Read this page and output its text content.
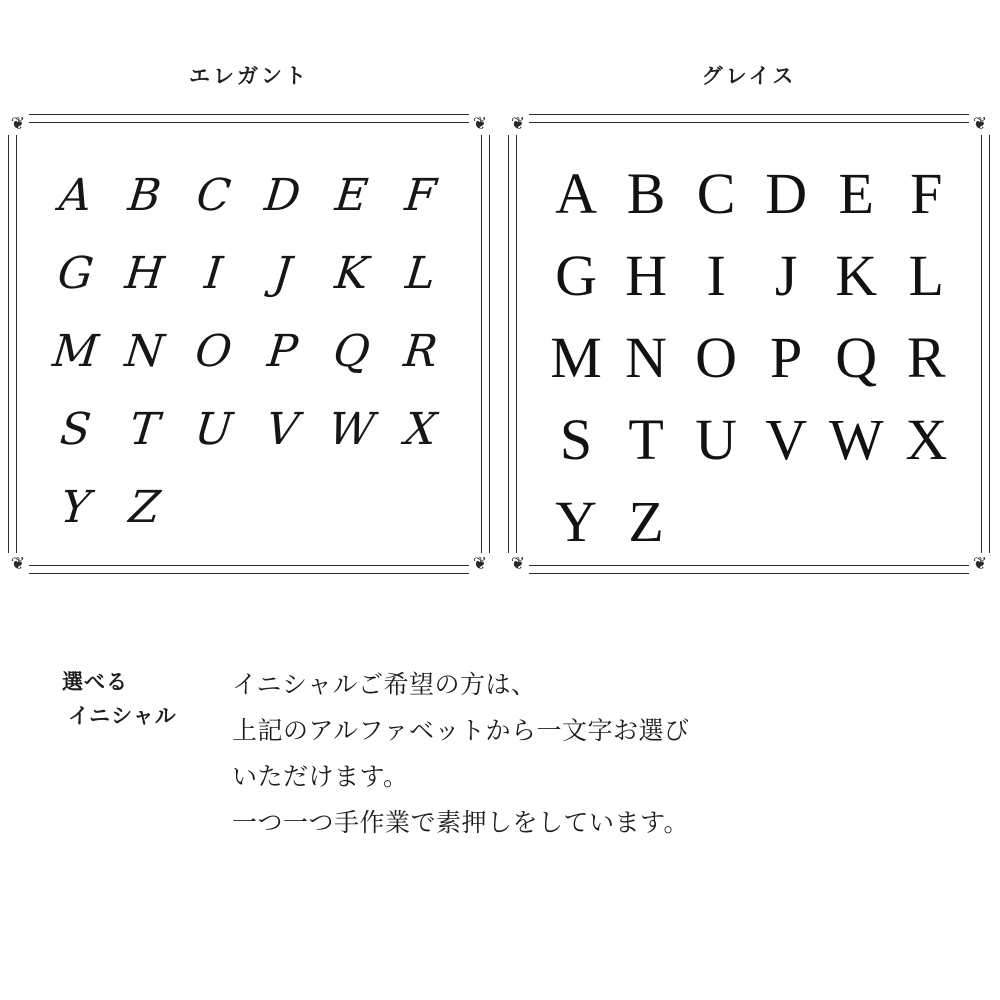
エレガント
❦	❦
❦	❦
A B C D E F
G H I	J K L
M N O P Q R
S T U V W X
Y Z
グレイス
❦	❦
❦	❦
A B C D E F
G H I J K L
M N O P Q R
S T U V W X
Y Z
選べる
イニシャル

イニシャルご希望の方は、

上記のアルファベットから一文字お選び

いただけます。

一つ一つ手作業で素押しをしています。
